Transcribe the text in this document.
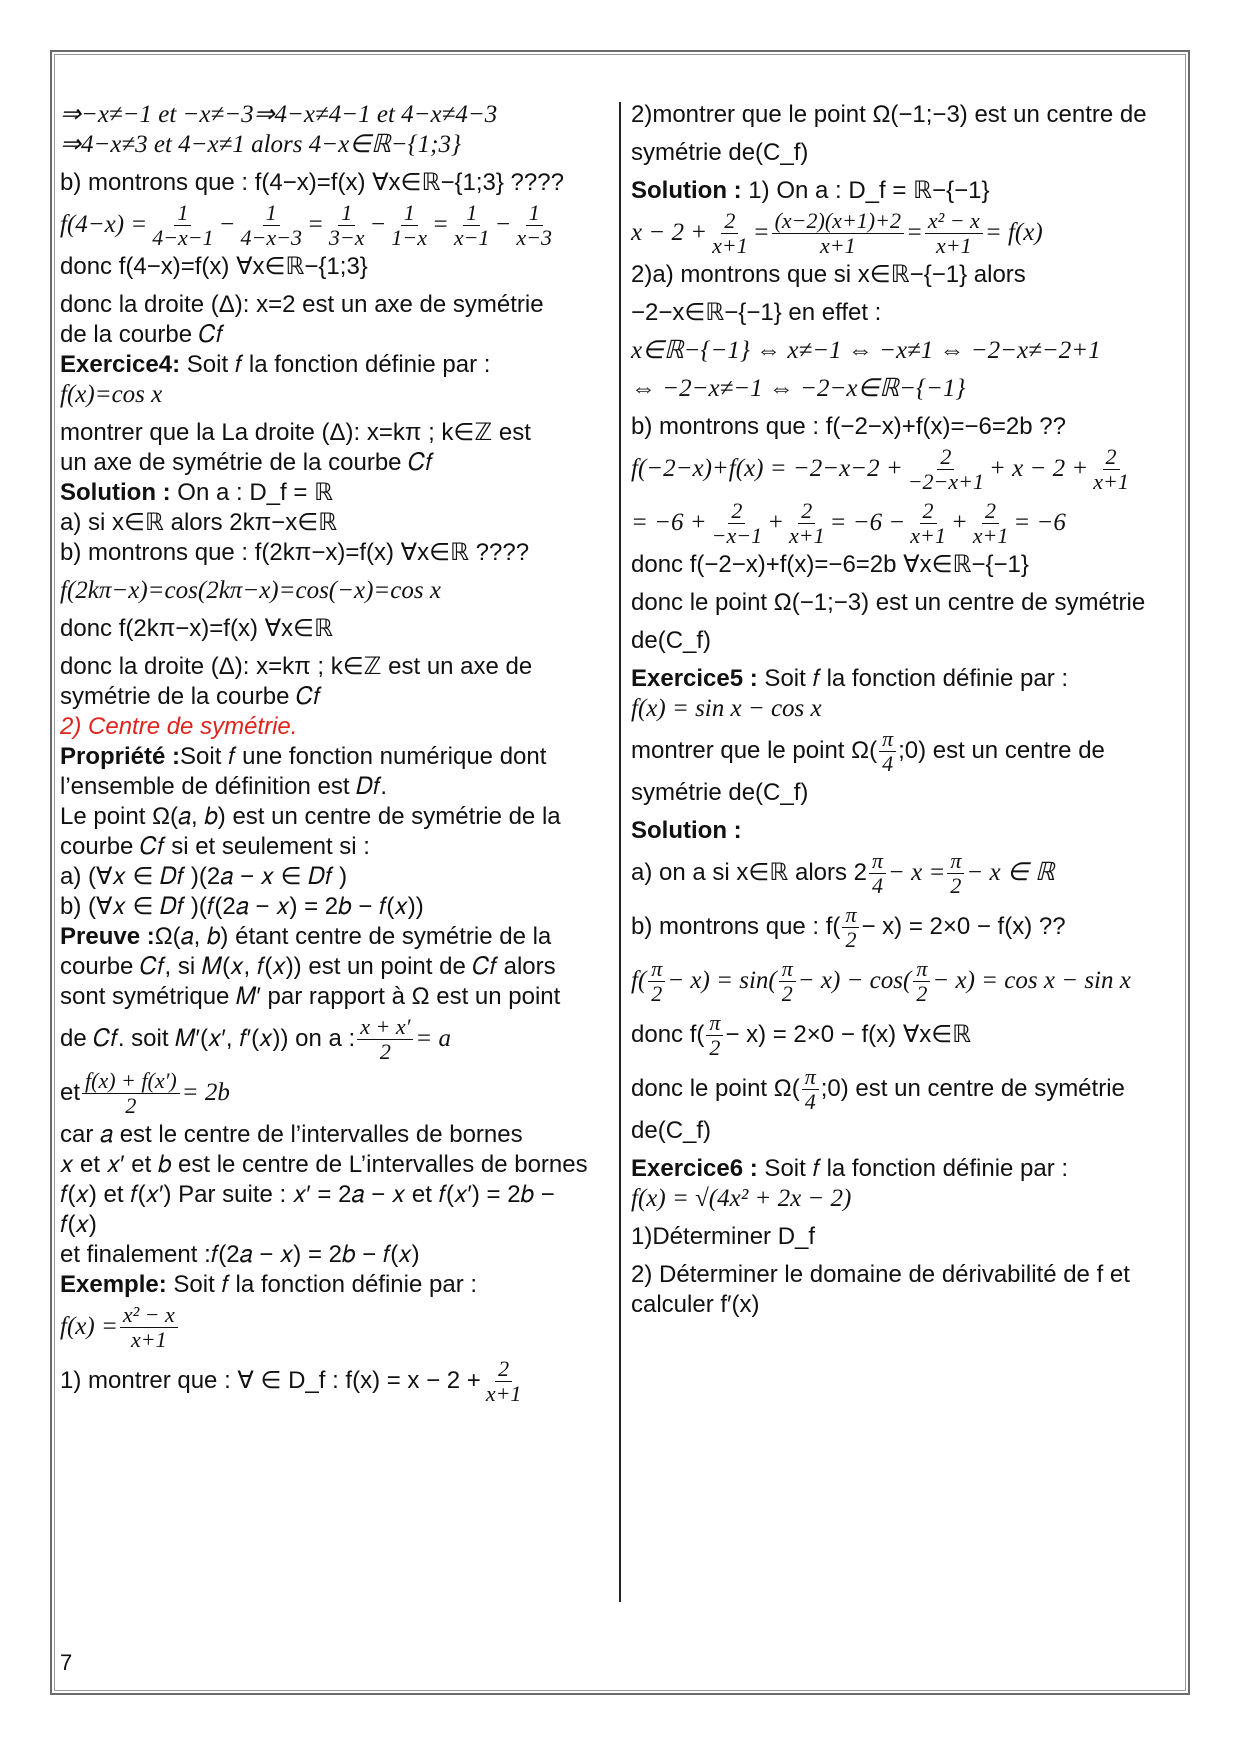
⇒−x≠−1 et −x≠−3⇒4−x≠4−1 et 4−x≠4−3

⇒4−x≠3 et 4−x≠1 alors 4−x∈ℝ−{1;3}

b) montrons que : f(4−x)=f(x) ∀x∈ℝ−{1;3} ????

$f(4-x) = \frac{1}{4-x-1} - \frac{1}{4-x-3} = \frac{1}{3-x} - \frac{1}{1-x} = \frac{1}{x-1} - \frac{1}{x-3}$

donc f(4−x)=f(x) ∀x∈ℝ−{1;3}

donc la droite (Δ): x=2 est un axe de symétrie

de la courbe 𝐶𝑓

Exercice4: Soit 𝑓 la fonction définie par :

f(x)=cos x

montrer que la La droite (Δ): x=kπ ; k∈ℤ est

un axe de symétrie de la courbe 𝐶𝑓

Solution : On a : D_f = ℝ

a) si x∈ℝ alors 2kπ−x∈ℝ

b) montrons que : f(2kπ−x)=f(x) ∀x∈ℝ ????

f(2kπ−x)=cos(2kπ−x)=cos(−x)=cos x

donc f(2kπ−x)=f(x) ∀x∈ℝ

donc la droite (Δ): x=kπ ; k∈ℤ est un axe de

symétrie de la courbe 𝐶𝑓

2) Centre de symétrie.

Propriété :Soit 𝑓 une fonction numérique dont

l’ensemble de définition est 𝐷𝑓.

Le point Ω(𝑎, 𝑏) est un centre de symétrie de la

courbe 𝐶𝑓 si et seulement si :

a) (∀𝑥 ∈ 𝐷𝑓 )(2𝑎 − 𝑥 ∈ 𝐷𝑓 )

b) (∀𝑥 ∈ 𝐷𝑓 )(𝑓(2𝑎 − 𝑥) = 2𝑏 − 𝑓(𝑥))

Preuve :Ω(𝑎, 𝑏) étant centre de symétrie de la

courbe 𝐶𝑓, si 𝑀(𝑥, 𝑓(𝑥)) est un point de 𝐶𝑓 alors

sont symétrique 𝑀′ par rapport à Ω est un point

de 𝐶𝑓. soit 𝑀′(𝑥′, 𝑓′(𝑥)) on a : $\frac{x + x'}{2} = a$
et $\frac{f(x) + f(x')}{2} = 2b$

car 𝑎 est le centre de l’intervalles de bornes

𝑥 et 𝑥′ et 𝑏 est le centre de L’intervalles de bornes

𝑓(𝑥) et 𝑓(𝑥′) Par suite : 𝑥′ = 2𝑎 − 𝑥 et 𝑓(𝑥′) = 2𝑏 −

𝑓(𝑥)

et finalement :𝑓(2𝑎 − 𝑥) = 2𝑏 − 𝑓(𝑥)

Exemple: Soit 𝑓 la fonction définie par :

$f(x) = \frac{\text{x² − x}}{x+1}$
1) montrer que : ∀ ∈ D_f : $f(x) = x - 2 + \frac{2}{x+1}$

2)montrer que le point Ω(−1;−3) est un centre de

symétrie de(C_f)

Solution : 1) On a : D_f = ℝ−{−1}

$x - 2 + \frac{2}{x+1} = \frac{(x-2)(x+1)+2}{x+1} = \frac{\text{x² − x}}{x+1} = f(x)$

2)a) montrons que si x∈ℝ−{−1} alors

−2−x∈ℝ−{−1} en effet :

x∈ℝ−{−1} ⇔ x≠−1 ⇔ −x≠1 ⇔ −2−x≠−2+1

⇔ −2−x≠−1 ⇔ −2−x∈ℝ−{−1}

b) montrons que : f(−2−x)+f(x)=−6=2b ??

$f(-2-x)+f(x) = -2-x-2 + \frac{2}{-2-x+1} + x - 2 + \frac{2}{x+1}$
= $-6 + \frac{2}{-x-1} + \frac{2}{x+1} = -6 - \frac{2}{x+1} + \frac{2}{x+1} = -6$

donc f(−2−x)+f(x)=−6=2b ∀x∈ℝ−{−1}

donc le point Ω(−1;−3) est un centre de symétrie

de(C_f)

Exercice5 : Soit 𝑓 la fonction définie par :

f(x) = sin x − cos x

montrer que le point $\Omega( \frac{\pi}{4}$ ;0) est un centre de

symétrie de(C_f)

Solution :

a) on a si x∈ℝ alors $2 \frac{\pi}{4} - x = \frac{\pi}{2} - x$ ∈ ℝ
b) montrons que : $f( \frac{\pi}{2} - x) = 2\times 0 - f(x)$ ??
$f( \frac{\pi}{2} - x) = \sin( \frac{\pi}{2} - x) - \cos( \frac{\pi}{2} - x) = \cos x - \sin x$
donc $f( \frac{\pi}{2} - x) = 2\times 0 - f(x)$ ∀x∈ℝ
donc le point $\Omega( \frac{\pi}{4}$ ;0) est un centre de symétrie

de(C_f)

Exercice6 : Soit 𝑓 la fonction définie par :

f(x) = √(4x² + 2x − 2)

1)Déterminer D_f

2) Déterminer le domaine de dérivabilité de f et

calculer f′(x)

7
